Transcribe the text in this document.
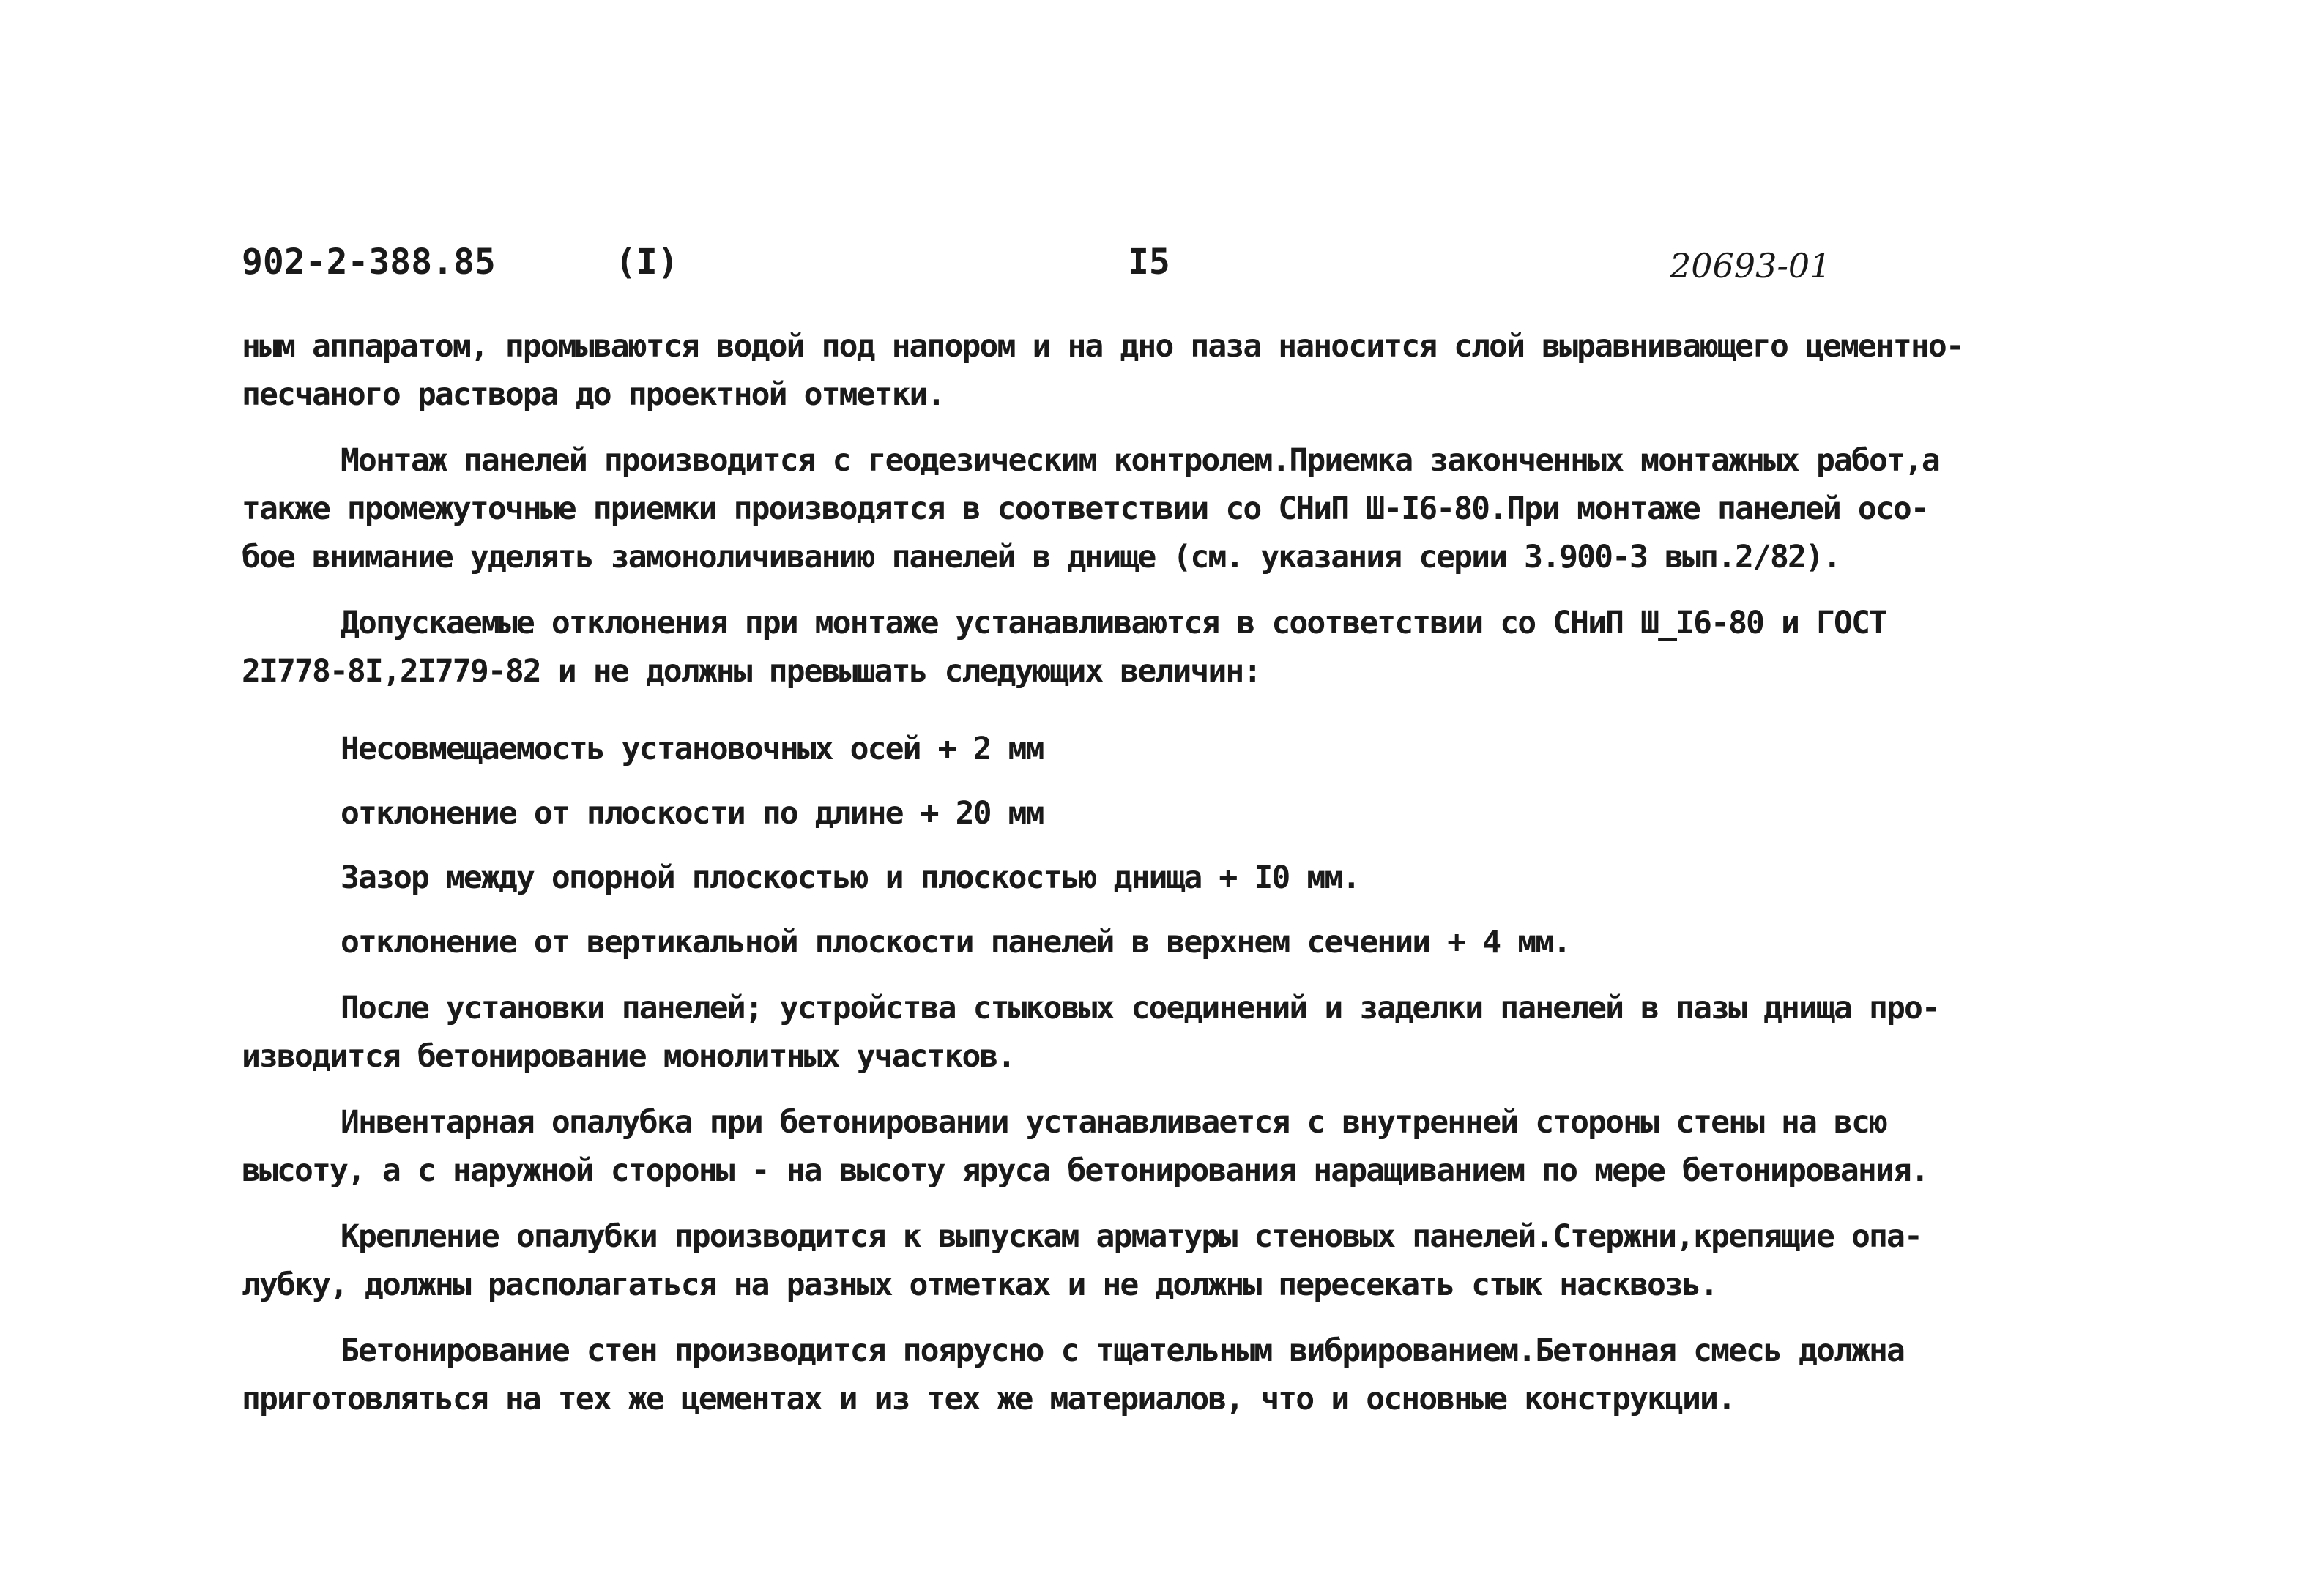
902-2-388.85	(I)	I5	20693-01
ным аппаратом, промываются водой под напором и на дно паза наносится слой выравнивающего цементно-
песчаного раствора до проектной отметки.
Монтаж панелей производится с геодезическим контролем.Приемка законченных монтажных работ,а
также промежуточные приемки производятся в соответствии со СНиП Ш-I6-80.При монтаже панелей осо-
бое внимание уделять замоноличиванию панелей в днище (см. указания серии 3.900-3 вып.2/82).
Допускаемые отклонения при монтаже устанавливаются в соответствии со СНиП Ш_I6-80 и ГОСТ
2I778-8I,2I779-82 и не должны превышать следующих величин:
Несовмещаемость установочных осей + 2 мм
отклонение от плоскости по длине + 20 мм
Зазор между опорной плоскостью и плоскостью днища + I0 мм.
отклонение от вертикальной плоскости панелей в верхнем сечении + 4 мм.
После установки панелей; устройства стыковых соединений и заделки панелей в пазы днища про-
изводится бетонирование монолитных участков.
Инвентарная опалубка при бетонировании устанавливается с внутренней стороны стены на всю
высоту, а с наружной стороны - на высоту яруса бетонирования наращиванием по мере бетонирования.
Крепление опалубки производится к выпускам арматуры стеновых панелей.Стержни,крепящие опа-
лубку, должны располагаться на разных отметках и не должны пересекать стык насквозь.
Бетонирование стен производится поярусно с тщательным вибрированием.Бетонная смесь должна
приготовляться на тех же цементах и из тех же материалов, что и основные конструкции.
